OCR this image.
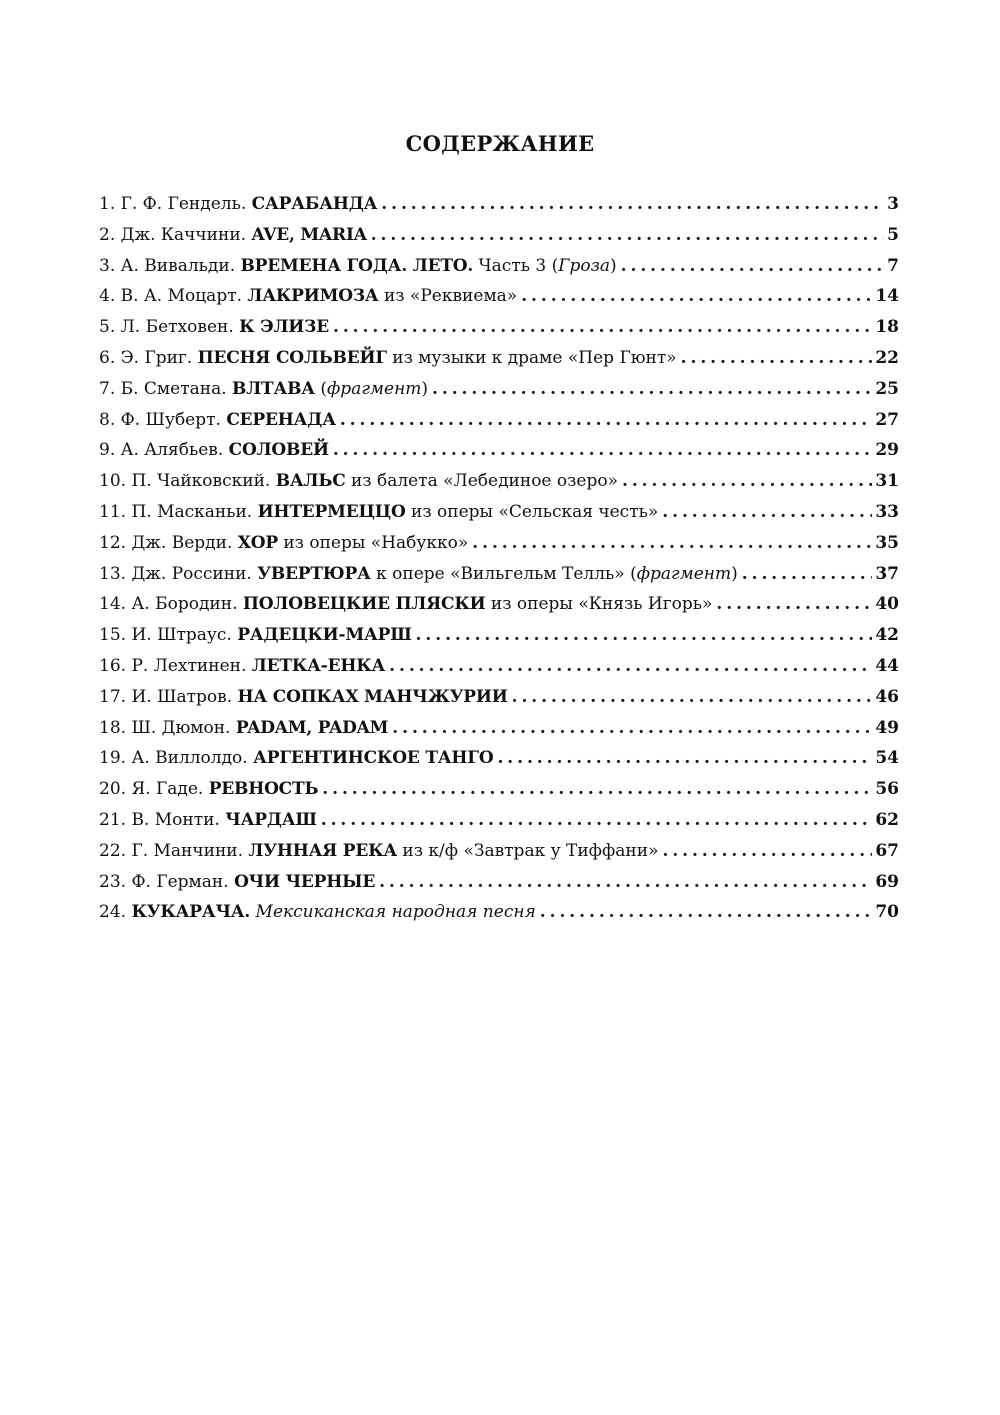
СОДЕРЖАНИЕ
1. Г. Ф. Гендель. САРАБАНДА . . .	3
2. Дж. Каччини. AVE, MARIA . . .	5
3. А. Вивальди. ВРЕМЕНА ГОДА. ЛЕТО. Часть 3 (Гроза) . . .	7
4. В. А. Моцарт. ЛАКРИМОЗА из «Реквиема» . . .	14
5. Л. Бетховен. К ЭЛИЗЕ . . .	18
6. Э. Григ. ПЕСНЯ СОЛЬВЕЙГ из музыки к драме «Пер Гюнт» . . .	22
7. Б. Сметана. ВЛТАВА (фрагмент) . . .	25
8. Ф. Шуберт. СЕРЕНАДА . . .	27
9. А. Алябьев. СОЛОВЕЙ . . .	29
10. П. Чайковский. ВАЛЬС из балета «Лебединое озеро» . . .	31
11. П. Масканьи. ИНТЕРМЕЦЦО из оперы «Сельская честь» . . .	33
12. Дж. Верди. ХОР из оперы «Набукко» . . .	35
13. Дж. Россини. УВЕРТЮРА к опере «Вильгельм Телль» (фрагмент) . . .	37
14. А. Бородин. ПОЛОВЕЦКИЕ ПЛЯСКИ из оперы «Князь Игорь» . . .	40
15. И. Штраус. РАДЕЦКИ-МАРШ . . .	42
16. Р. Лехтинен. ЛЕТКА-ЕНКА . . .	44
17. И. Шатров. НА СОПКАХ МАНЧЖУРИИ . . .	46
18. Ш. Дюмон. PADAM, PADAM . . .	49
19. А. Виллолдо. АРГЕНТИНСКОЕ ТАНГО . . .	54
20. Я. Гаде. РЕВНОСТЬ . . .	56
21. В. Монти. ЧАРДАШ . . .	62
22. Г. Манчини. ЛУННАЯ РЕКА из к/ф «Завтрак у Тиффани» . . .	67
23. Ф. Герман. ОЧИ ЧЕРНЫЕ . . .	69
24. КУКАРАЧА. Мексиканская народная песня . . .	70
